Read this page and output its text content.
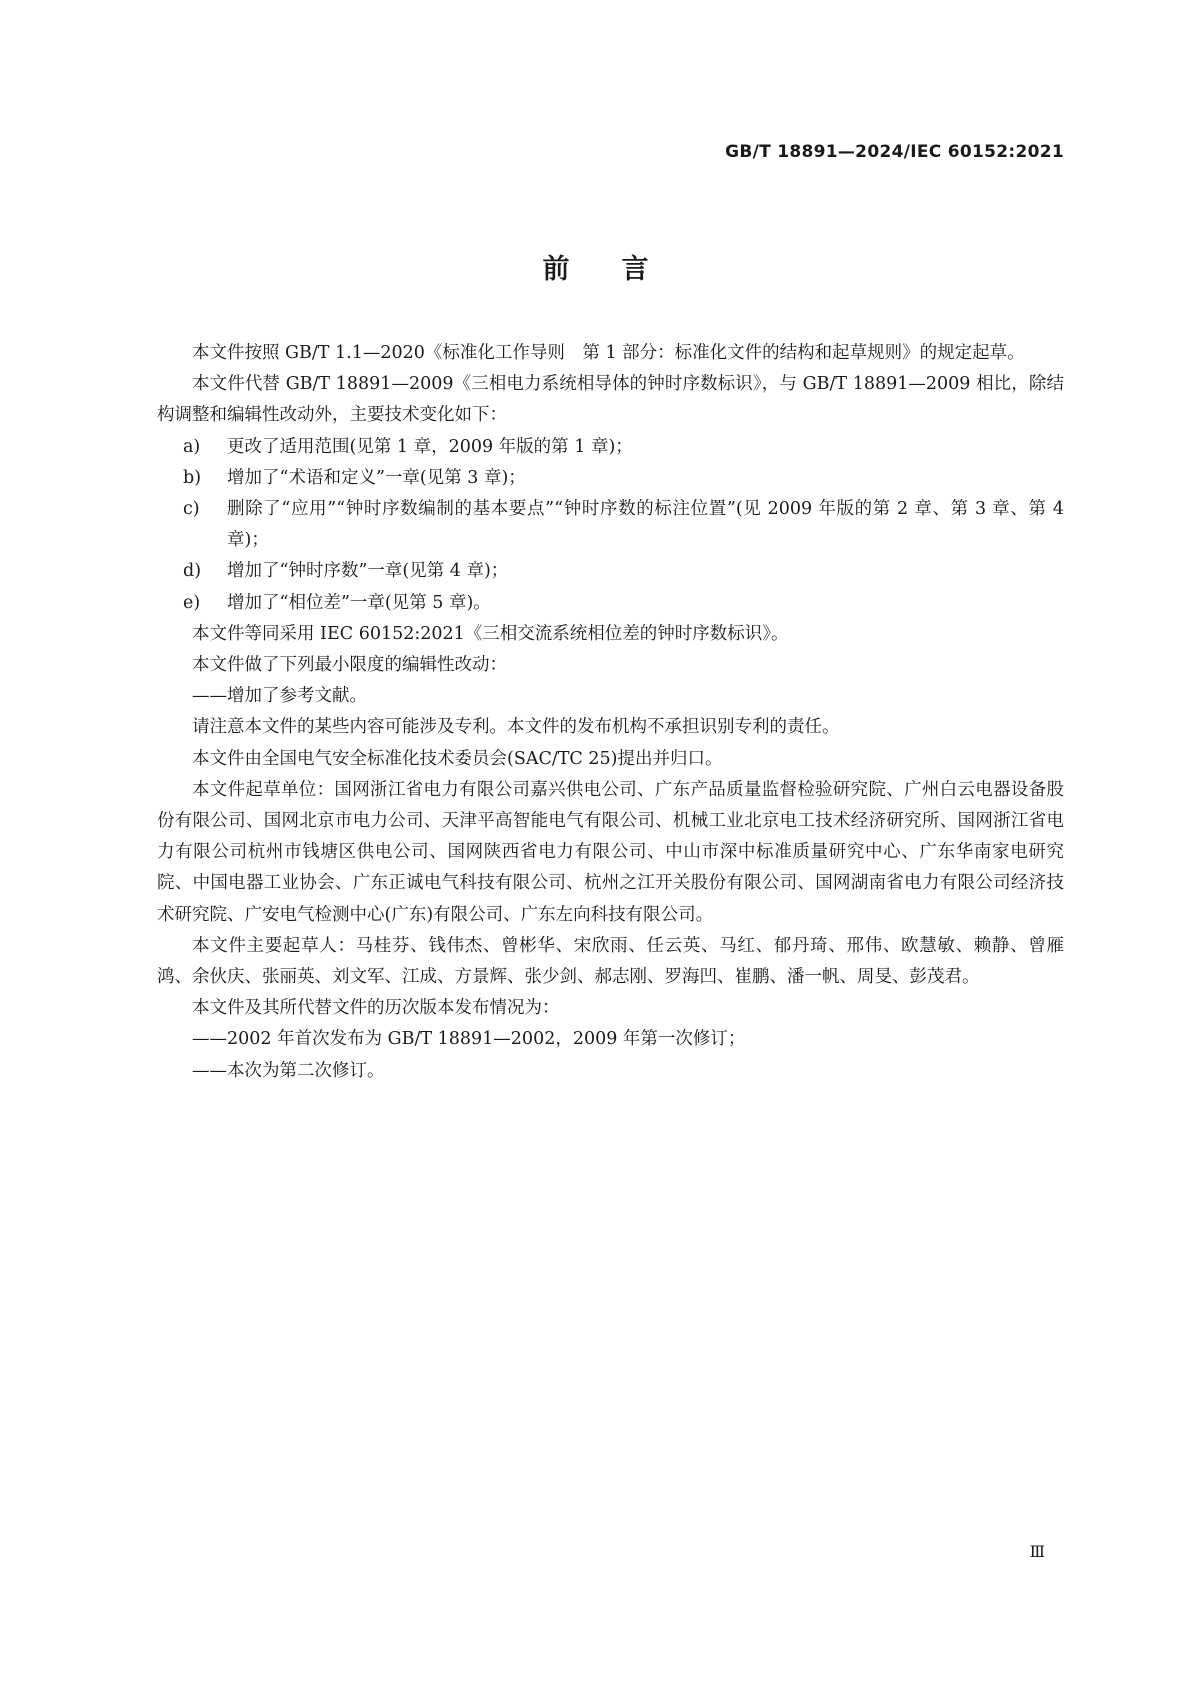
GB/T 18891—2024/IEC 60152:2021
前言

本文件按照 GB/T 1.1—2020《标准化工作导则　第 1 部分：标准化文件的结构和起草规则》的规定起草。

本文件代替 GB/T 18891—2009《三相电力系统相导体的钟时序数标识》，与 GB/T 18891—2009 相比，除结构调整和编辑性改动外，主要技术变化如下：

a) 更改了适用范围(见第 1 章，2009 年版的第 1 章)；

b) 增加了“术语和定义”一章(见第 3 章)；

c) 删除了“应用”“钟时序数编制的基本要点”“钟时序数的标注位置”(见 2009 年版的第 2 章、第 3 章、第 4 章)；

d) 增加了“钟时序数”一章(见第 4 章)；

e) 增加了“相位差”一章(见第 5 章)。

本文件等同采用 IEC 60152:2021《三相交流系统相位差的钟时序数标识》。

本文件做了下列最小限度的编辑性改动：

——增加了参考文献。

请注意本文件的某些内容可能涉及专利。本文件的发布机构不承担识别专利的责任。

本文件由全国电气安全标准化技术委员会(SAC/TC 25)提出并归口。

本文件起草单位：国网浙江省电力有限公司嘉兴供电公司、广东产品质量监督检验研究院、广州白云电器设备股份有限公司、国网北京市电力公司、天津平高智能电气有限公司、机械工业北京电工技术经济研究所、国网浙江省电力有限公司杭州市钱塘区供电公司、国网陕西省电力有限公司、中山市深中标准质量研究中心、广东华南家电研究院、中国电器工业协会、广东正诚电气科技有限公司、杭州之江开关股份有限公司、国网湖南省电力有限公司经济技术研究院、广安电气检测中心(广东)有限公司、广东左向科技有限公司。

本文件主要起草人：马桂芬、钱伟杰、曾彬华、宋欣雨、任云英、马红、郁丹琦、邢伟、欧慧敏、赖静、曾雁鸿、余伙庆、张丽英、刘文军、江成、方景辉、张少剑、郝志刚、罗海凹、崔鹏、潘一帆、周旻、彭茂君。

本文件及其所代替文件的历次版本发布情况为：

——2002 年首次发布为 GB/T 18891—2002，2009 年第一次修订；

——本次为第二次修订。

Ⅲ
